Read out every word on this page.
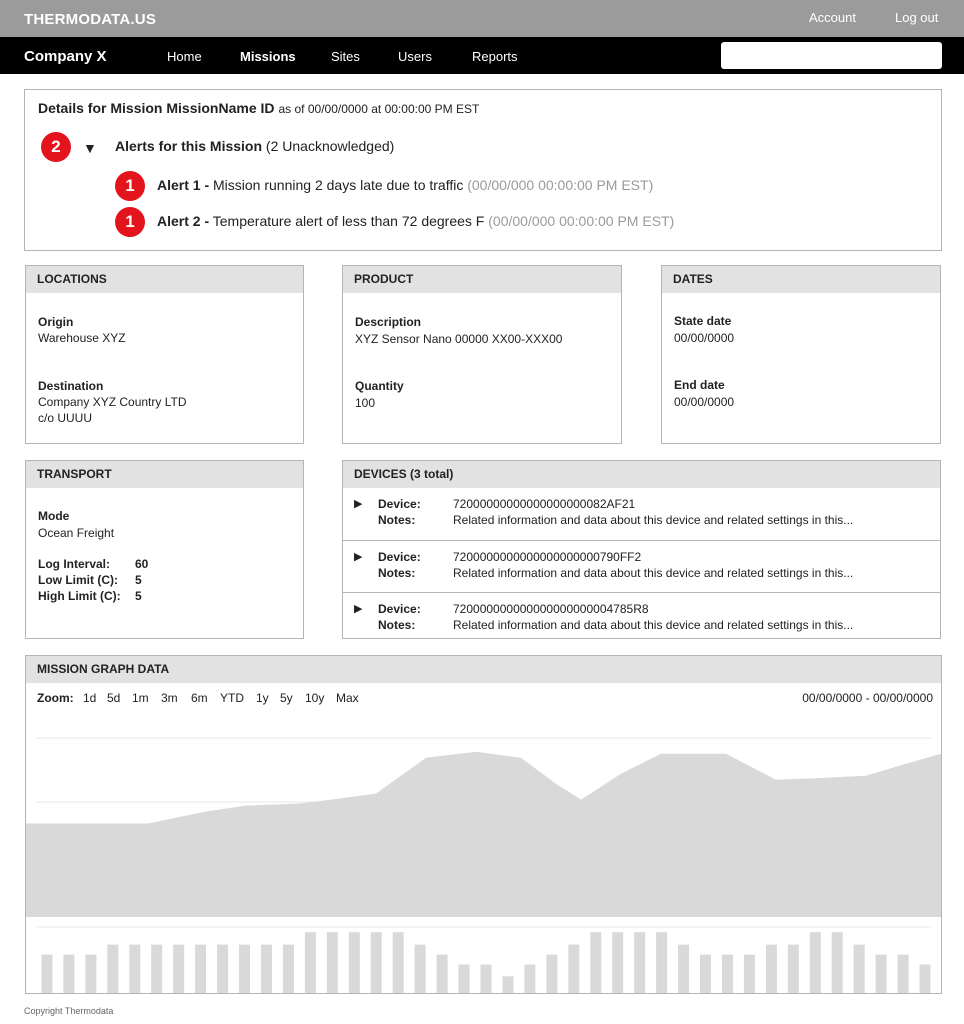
THERMODATA.US	Account	Log out
Company X	Home	Missions	Sites	Users	Reports
Details for Mission MissionName ID as of 00/00/0000 at 00:00:00 PM EST
2	▼ Alerts for this Mission (2 Unacknowledged)
1	Alert 1 - Mission running 2 days late due to traffic (00/00/000 00:00:00 PM EST)
1	Alert 2 - Temperature alert of less than 72 degrees F (00/00/000 00:00:00 PM EST)
LOCATIONS
Origin
Warehouse XYZ
Destination
Company XYZ Country LTD
c/o UUUU
PRODUCT
Description
XYZ Sensor Nano 00000 XX00-XXX00
Quantity
100
DATES
State date
00/00/0000
End date
00/00/0000
TRANSPORT
Mode
Ocean Freight
Log Interval: 60
Low Limit (C): 5
High Limit (C): 5
DEVICES (3 total)
▶ Device:	72000000000000000000082AF21
Notes:	Related information and data about this device and related settings in this...
▶ Device:	7200000000000000000000790FF2
Notes:	Related information and data about this device and related settings in this...
▶ Device:	720000000000000000000004785R8
Notes:	Related information and data about this device and related settings in this...
MISSION GRAPH DATA
Zoom: 1d 5d 1m 3m 6m YTD 1y 5y 10y Max	00/00/0000 - 00/00/0000
Copyright Thermodata
